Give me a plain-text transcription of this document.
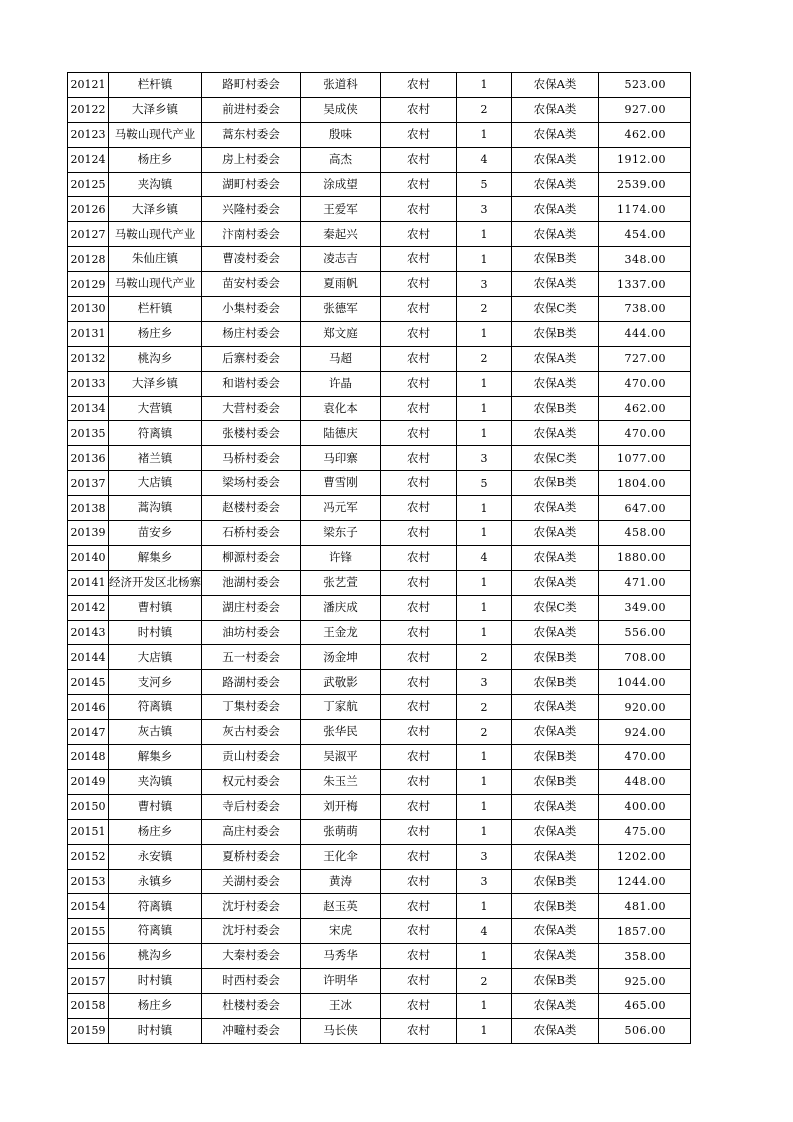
20121	栏杆镇	路町村委会	张道科	农村	1	农保A类	523.00
20122	大泽乡镇	前进村委会	吴成侠	农村	2	农保A类	927.00
20123	马鞍山现代产业	蒿东村委会	殷味	农村	1	农保A类	462.00
20124	杨庄乡	房上村委会	高杰	农村	4	农保A类	1912.00
20125	夹沟镇	湖町村委会	涂成望	农村	5	农保A类	2539.00
20126	大泽乡镇	兴隆村委会	王爱军	农村	3	农保A类	1174.00
20127	马鞍山现代产业	汴南村委会	秦起兴	农村	1	农保A类	454.00
20128	朱仙庄镇	曹凌村委会	凌志吉	农村	1	农保B类	348.00
20129	马鞍山现代产业	苗安村委会	夏雨帆	农村	3	农保A类	1337.00
20130	栏杆镇	小集村委会	张德军	农村	2	农保C类	738.00
20131	杨庄乡	杨庄村委会	郑文庭	农村	1	农保B类	444.00
20132	桃沟乡	后寨村委会	马超	农村	2	农保A类	727.00
20133	大泽乡镇	和谐村委会	许晶	农村	1	农保A类	470.00
20134	大营镇	大营村委会	袁化本	农村	1	农保B类	462.00
20135	符离镇	张楼村委会	陆德庆	农村	1	农保A类	470.00
20136	褚兰镇	马桥村委会	马印寨	农村	3	农保C类	1077.00
20137	大店镇	梁场村委会	曹雪刚	农村	5	农保B类	1804.00
20138	蒿沟镇	赵楼村委会	冯元军	农村	1	农保A类	647.00
20139	苗安乡	石桥村委会	梁东子	农村	1	农保A类	458.00
20140	解集乡	柳源村委会	许锋	农村	4	农保A类	1880.00
20141	经济开发区北杨寨	池湖村委会	张艺萱	农村	1	农保A类	471.00
20142	曹村镇	湖庄村委会	潘庆成	农村	1	农保C类	349.00
20143	时村镇	油坊村委会	王金龙	农村	1	农保A类	556.00
20144	大店镇	五一村委会	汤金坤	农村	2	农保B类	708.00
20145	支河乡	路湖村委会	武敬影	农村	3	农保B类	1044.00
20146	符离镇	丁集村委会	丁家航	农村	2	农保A类	920.00
20147	灰古镇	灰古村委会	张华民	农村	2	农保A类	924.00
20148	解集乡	贡山村委会	吴淑平	农村	1	农保B类	470.00
20149	夹沟镇	权元村委会	朱玉兰	农村	1	农保B类	448.00
20150	曹村镇	寺后村委会	刘开梅	农村	1	农保A类	400.00
20151	杨庄乡	高庄村委会	张萌萌	农村	1	农保A类	475.00
20152	永安镇	夏桥村委会	王化伞	农村	3	农保A类	1202.00
20153	永镇乡	关湖村委会	黄涛	农村	3	农保B类	1244.00
20154	符离镇	沈圩村委会	赵玉英	农村	1	农保B类	481.00
20155	符离镇	沈圩村委会	宋虎	农村	4	农保A类	1857.00
20156	桃沟乡	大秦村委会	马秀华	农村	1	农保A类	358.00
20157	时村镇	时西村委会	许明华	农村	2	农保B类	925.00
20158	杨庄乡	杜楼村委会	王冰	农村	1	农保A类	465.00
20159	时村镇	冲疃村委会	马长侠	农村	1	农保A类	506.00
